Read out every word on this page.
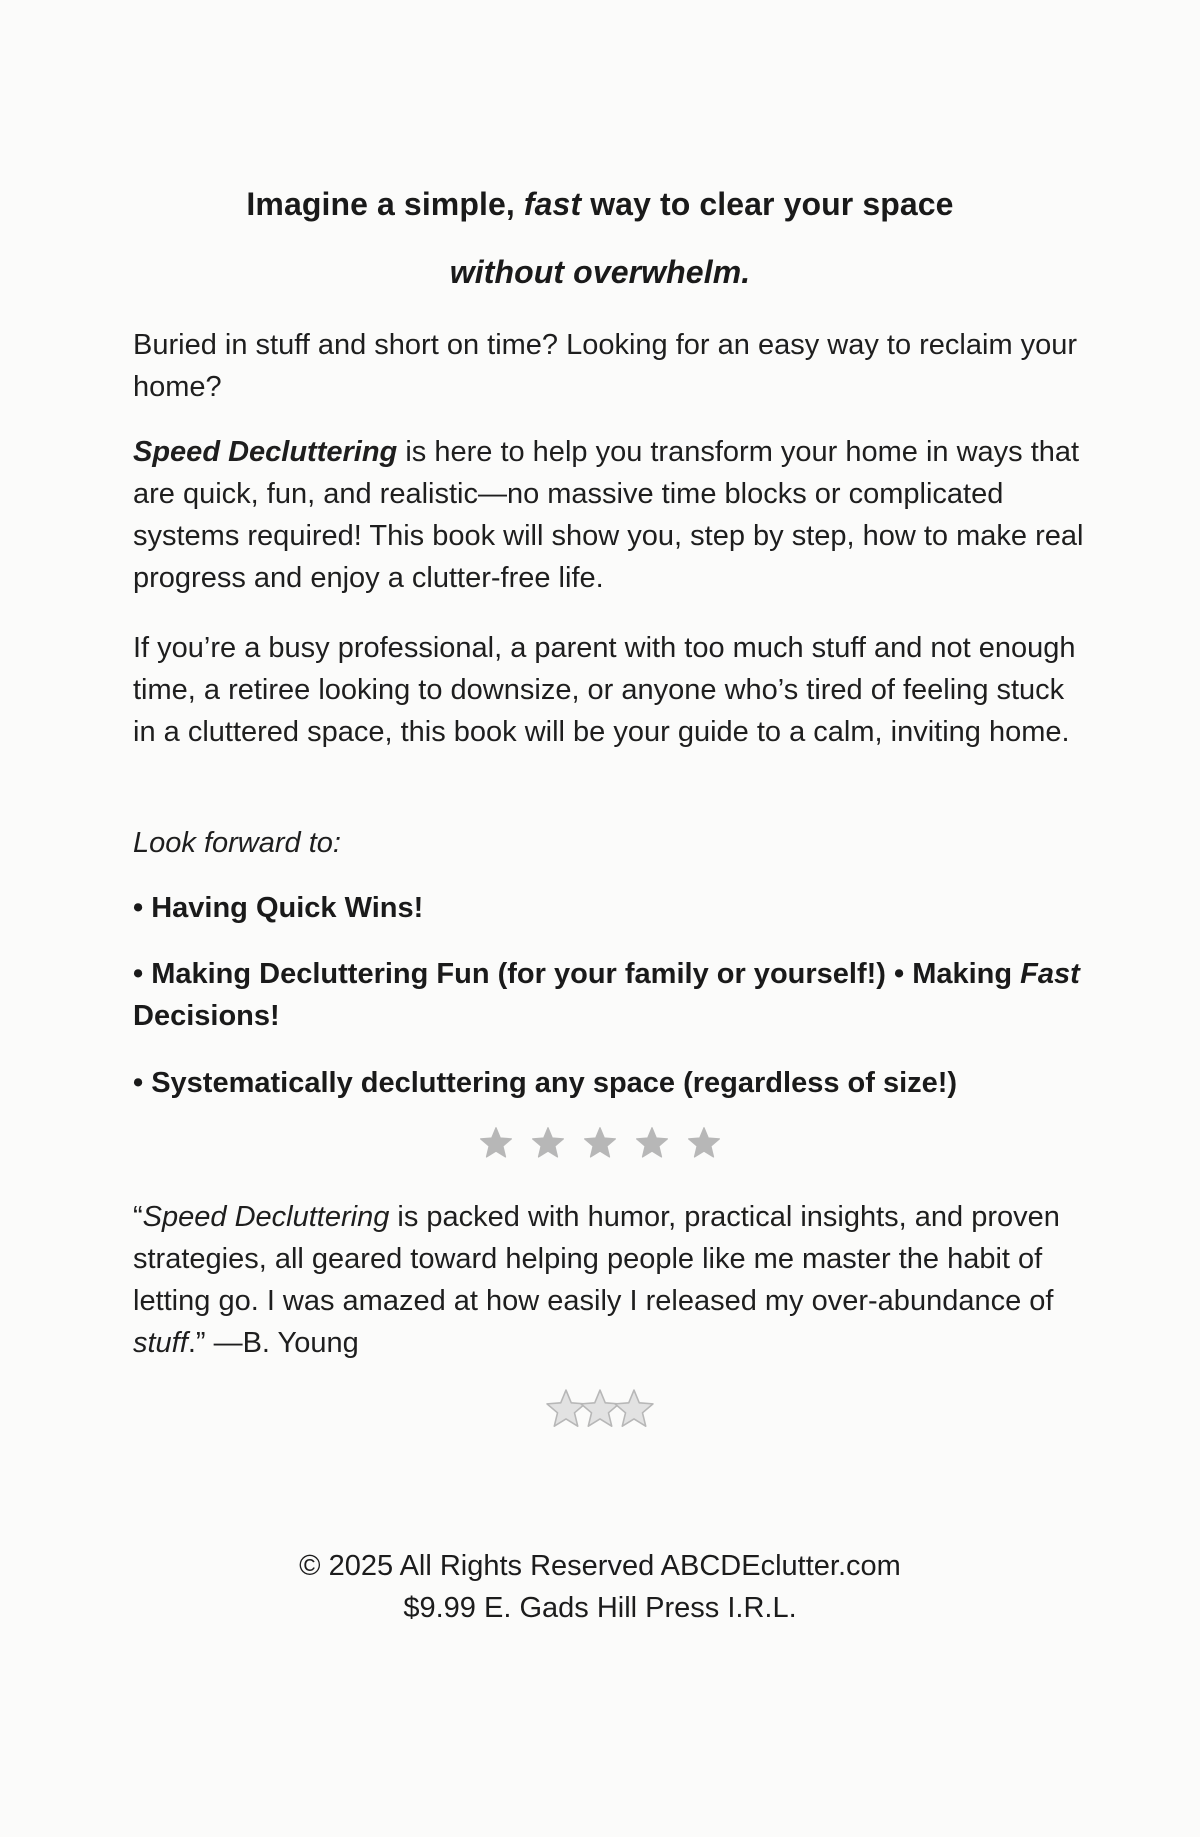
Imagine a simple, fast way to clear your space
without overwhelm.
Buried in stuff and short on time? Looking for an easy way to reclaim your home?
Speed Decluttering is here to help you transform your home in ways that are quick, fun, and realistic—no massive time blocks or complicated systems required! This book will show you, step by step, how to make real progress and enjoy a clutter-free life.
If you’re a busy professional, a parent with too much stuff and not enough time, a retiree looking to downsize, or anyone who’s tired of feeling stuck in a cluttered space, this book will be your guide to a calm, inviting home.
Look forward to:
• Having Quick Wins!
• Making Decluttering Fun (for your family or yourself!) • Making Fast Decisions!
• Systematically decluttering any space (regardless of size!)
“Speed Decluttering is packed with humor, practical insights, and proven strategies, all geared toward helping people like me master the habit of letting go. I was amazed at how easily I released my over-abundance of stuff.” —B. Young
© 2025 All Rights Reserved ABCDEclutter.com
$9.99 E. Gads Hill Press I.R.L.
